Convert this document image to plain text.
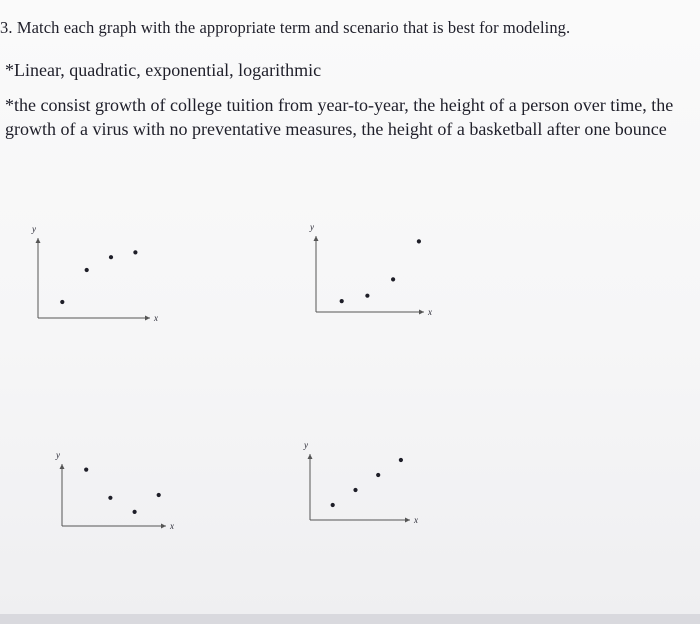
3. Match each graph with the appropriate term and scenario that is best for modeling.
*Linear, quadratic, exponential, logarithmic
*the consist growth of college tuition from year-to-year, the height of a person over time, the growth of a virus with no preventative measures, the height of a basketball after one bounce
y
x
y
x
y
x
y
x
